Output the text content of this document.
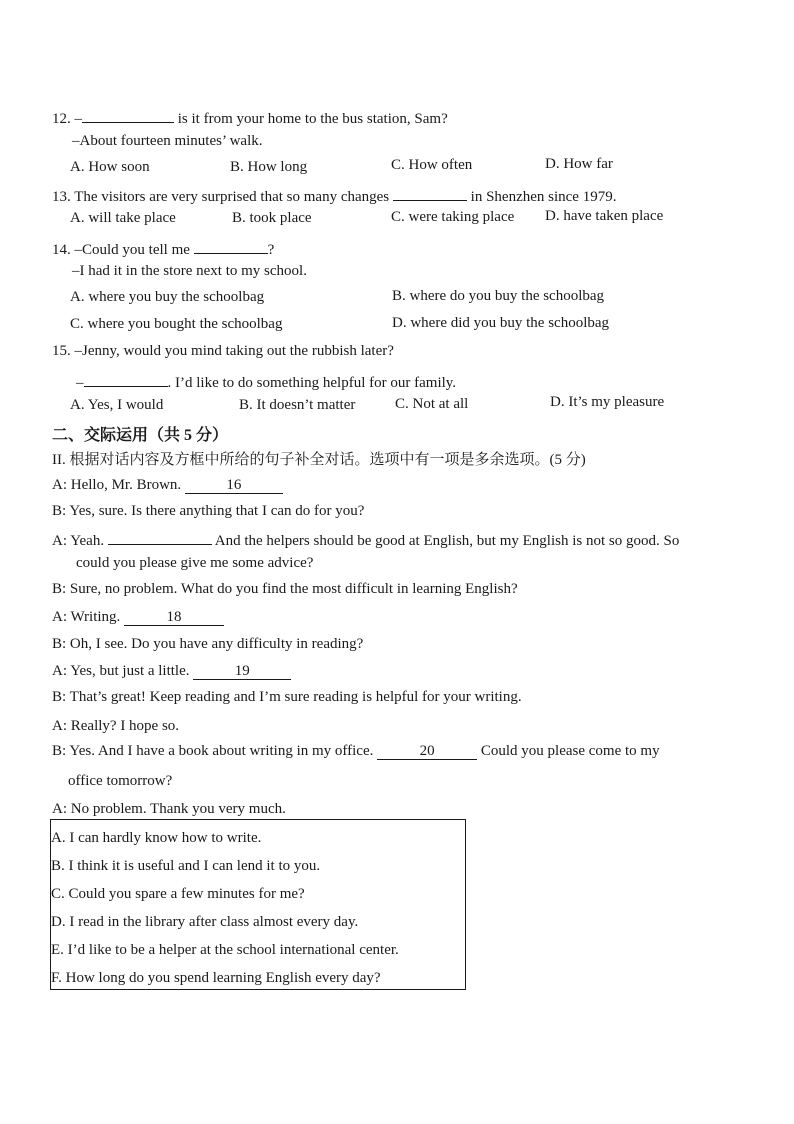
12. –	is it from your home to the bus station, Sam?
–About fourteen minutes’ walk.
A. How soon	B. How long	C. How often	D. How far
13. The visitors are very surprised that so many changes	in Shenzhen since 1979.
A. will take place	B. took place	C. were taking place D. have taken place
14. –Could you tell me	?
–I had it in the store next to my school.
A. where you buy the schoolbag	B. where do you buy the schoolbag
C. where you bought the schoolbag	D. where did you buy the schoolbag
15. –Jenny, would you mind taking out the rubbish later?
–	. I’d like to do something helpful for our family.
A. Yes, I would	B. It doesn’t matter	C. Not at all	D. It’s my pleasure
二、交际运用（共 5 分）
II. 根据对话内容及方框中所给的句子补全对话。选项中有一项是多余选项。(5 分)
A: Hello, Mr. Brown.	16
B: Yes, sure. Is there anything that I can do for you?
A: Yeah.	And the helpers should be good at English, but my English is not so good. So
could you please give me some advice?
B: Sure, no problem. What do you find the most difficult in learning English?
A: Writing.	18
B: Oh, I see. Do you have any difficulty in reading?
A: Yes, but just a little.	19
B: That’s great! Keep reading and I’m sure reading is helpful for your writing.
A: Really? I hope so.
B: Yes. And I have a book about writing in my office.	20	Could you please come to my
office tomorrow?
A: No problem. Thank you very much.
A. I can hardly know how to write.
B. I think it is useful and I can lend it to you.
C. Could you spare a few minutes for me?
D. I read in the library after class almost every day.
E. I’d like to be a helper at the school international center.
F. How long do you spend learning English every day?
